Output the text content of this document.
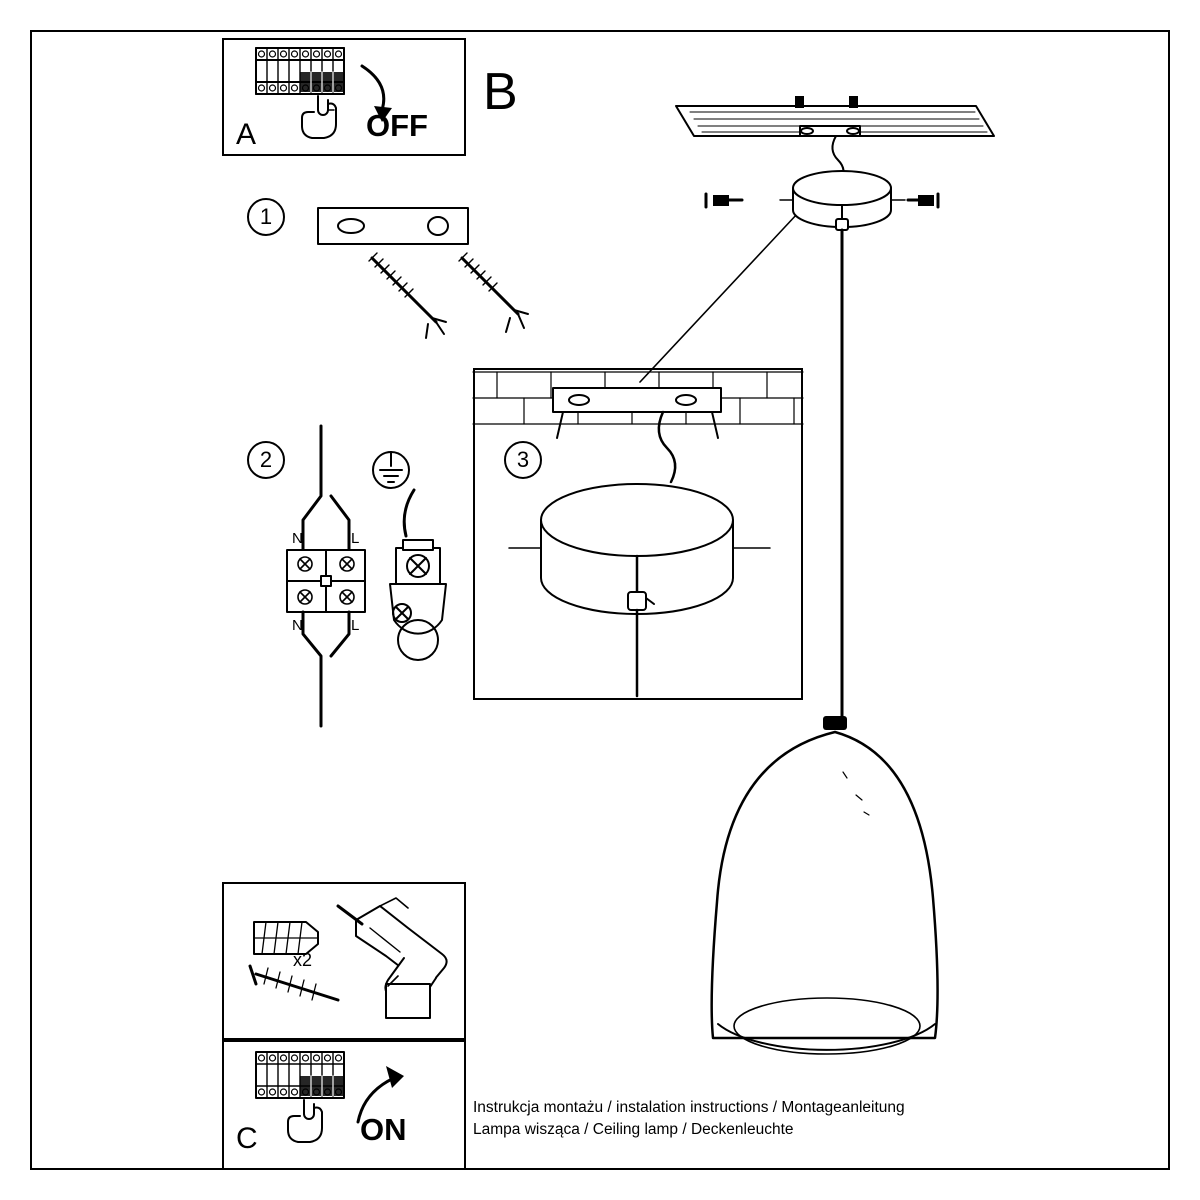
1
2	3
A	OFF
B
C	ON
x2
N	L
N	L
Instrukcja montażu / instalation instructions / Montageanleitung
Lampa wisząca / Ceiling lamp / Deckenleuchte
